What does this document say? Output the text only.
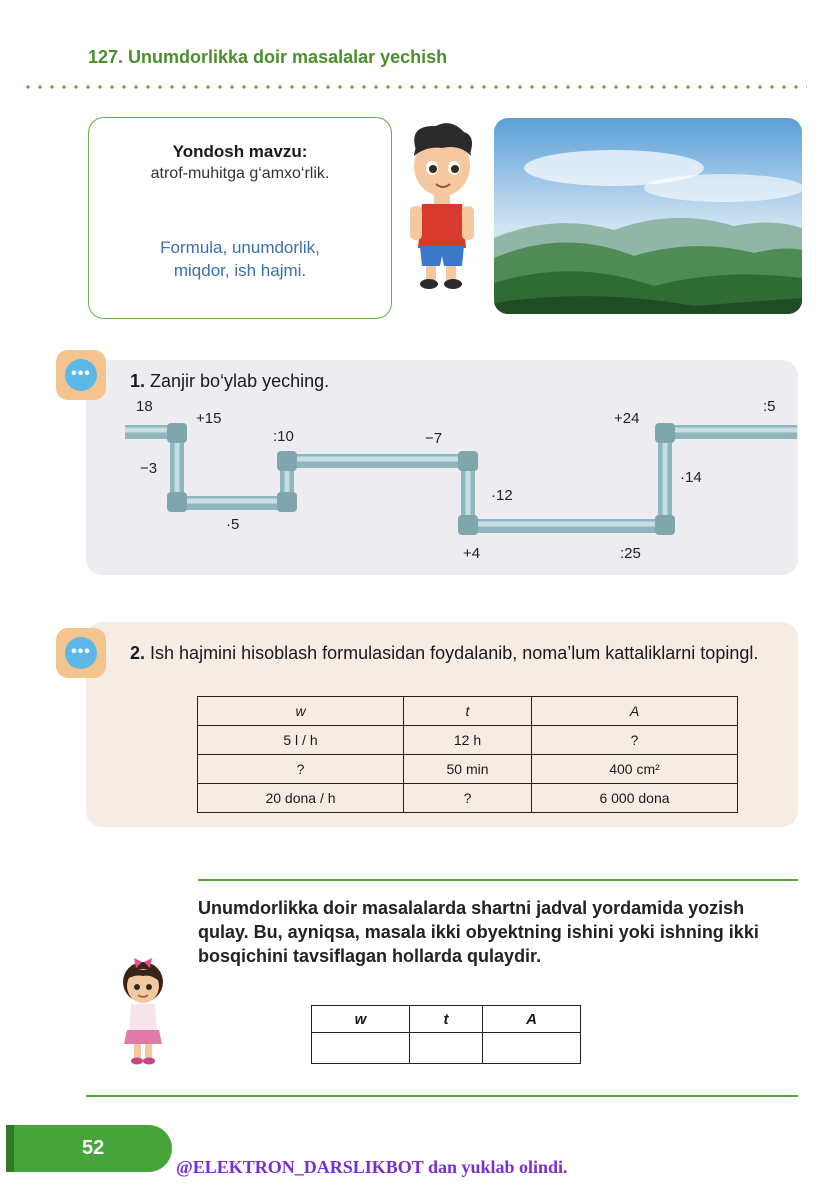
127. Unumdorlikka doir masalalar yechish
Yondosh mavzu:
atrof-muhitga g‘amxo‘rlik.
Formula, unumdorlik,
miqdor, ish hajmi.
•••	1. Zanjir bo‘ylab yeching.
18
+15
−3
·5
:10	−7
·12
+4	:25
+24
·14
:5
•••	2. Ish hajmini hisoblash formulasidan foydalanib, noma’lum kattaliklarni topingl.
w	t	A
5 l / h	12 h	?
?	50 min	400 cm²
20 dona / h	?	6 000 dona
Unumdorlikka doir masalalarda shartni jadval yordamida yozish qulay. Bu, ayniqsa, masala ikki obyektning ishini yoki ishning ikki bosqichini tavsiflagan hollarda qulaydir.
w	t	A

52
@ELEKTRON_DARSLIKBOT dan yuklab olindi.
